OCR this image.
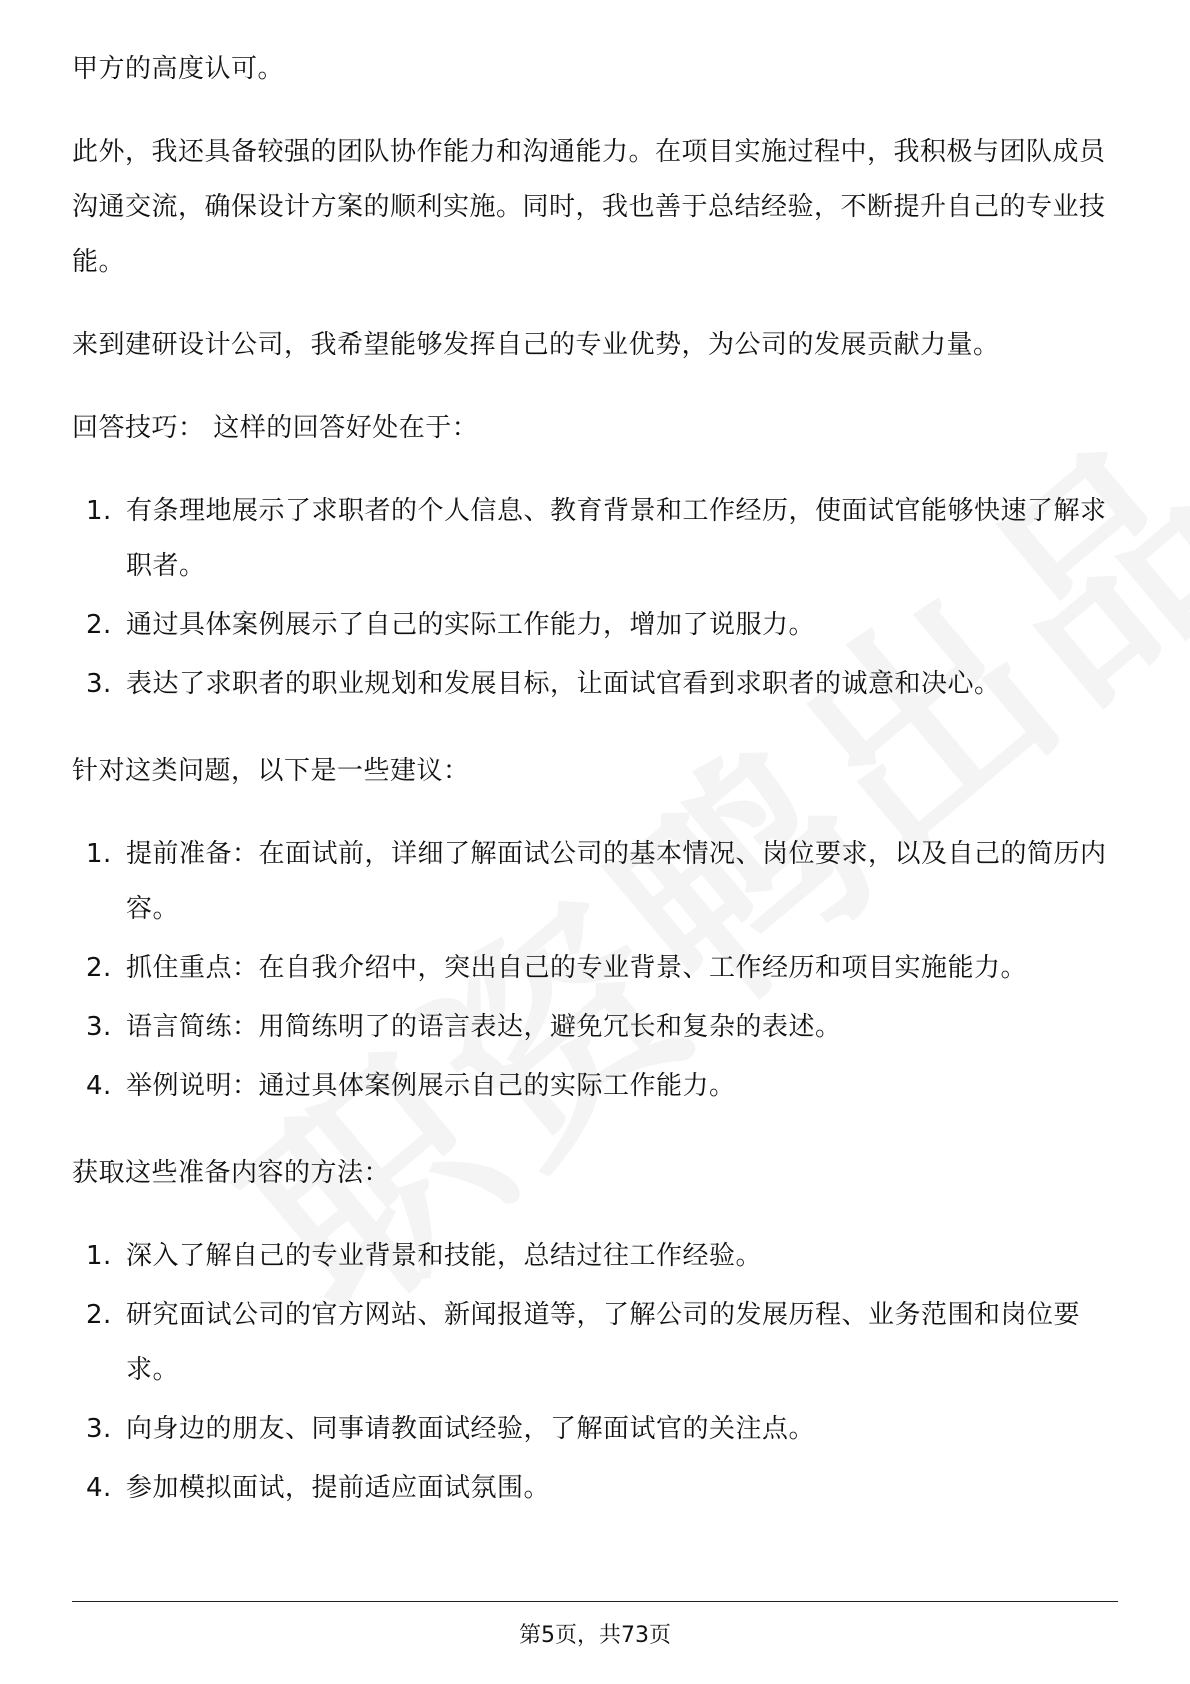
甲方的高度认可。

此外，我还具备较强的团队协作能力和沟通能力。在项目实施过程中，我积极与团队成员沟通交流，确保设计方案的顺利实施。同时，我也善于总结经验，不断提升自己的专业技能。

来到建研设计公司，我希望能够发挥自己的专业优势，为公司的发展贡献力量。

回答技巧： 这样的回答好处在于：

1. 有条理地展示了求职者的个人信息、教育背景和工作经历，使面试官能够快速了解求职者。
2. 通过具体案例展示了自己的实际工作能力，增加了说服力。
3. 表达了求职者的职业规划和发展目标，让面试官看到求职者的诚意和决心。

针对这类问题，以下是一些建议：

1. 提前准备：在面试前，详细了解面试公司的基本情况、岗位要求，以及自己的简历内容。
2. 抓住重点：在自我介绍中，突出自己的专业背景、工作经历和项目实施能力。
3. 语言简练：用简练明了的语言表达，避免冗长和复杂的表述。
4. 举例说明：通过具体案例展示自己的实际工作能力。

获取这些准备内容的方法：

1. 深入了解自己的专业背景和技能，总结过往工作经验。
2. 研究面试公司的官方网站、新闻报道等，了解公司的发展历程、业务范围和岗位要求。
3. 向身边的朋友、同事请教面试经验，了解面试官的关注点。
4. 参加模拟面试，提前适应面试氛围。
第5页，共73页
